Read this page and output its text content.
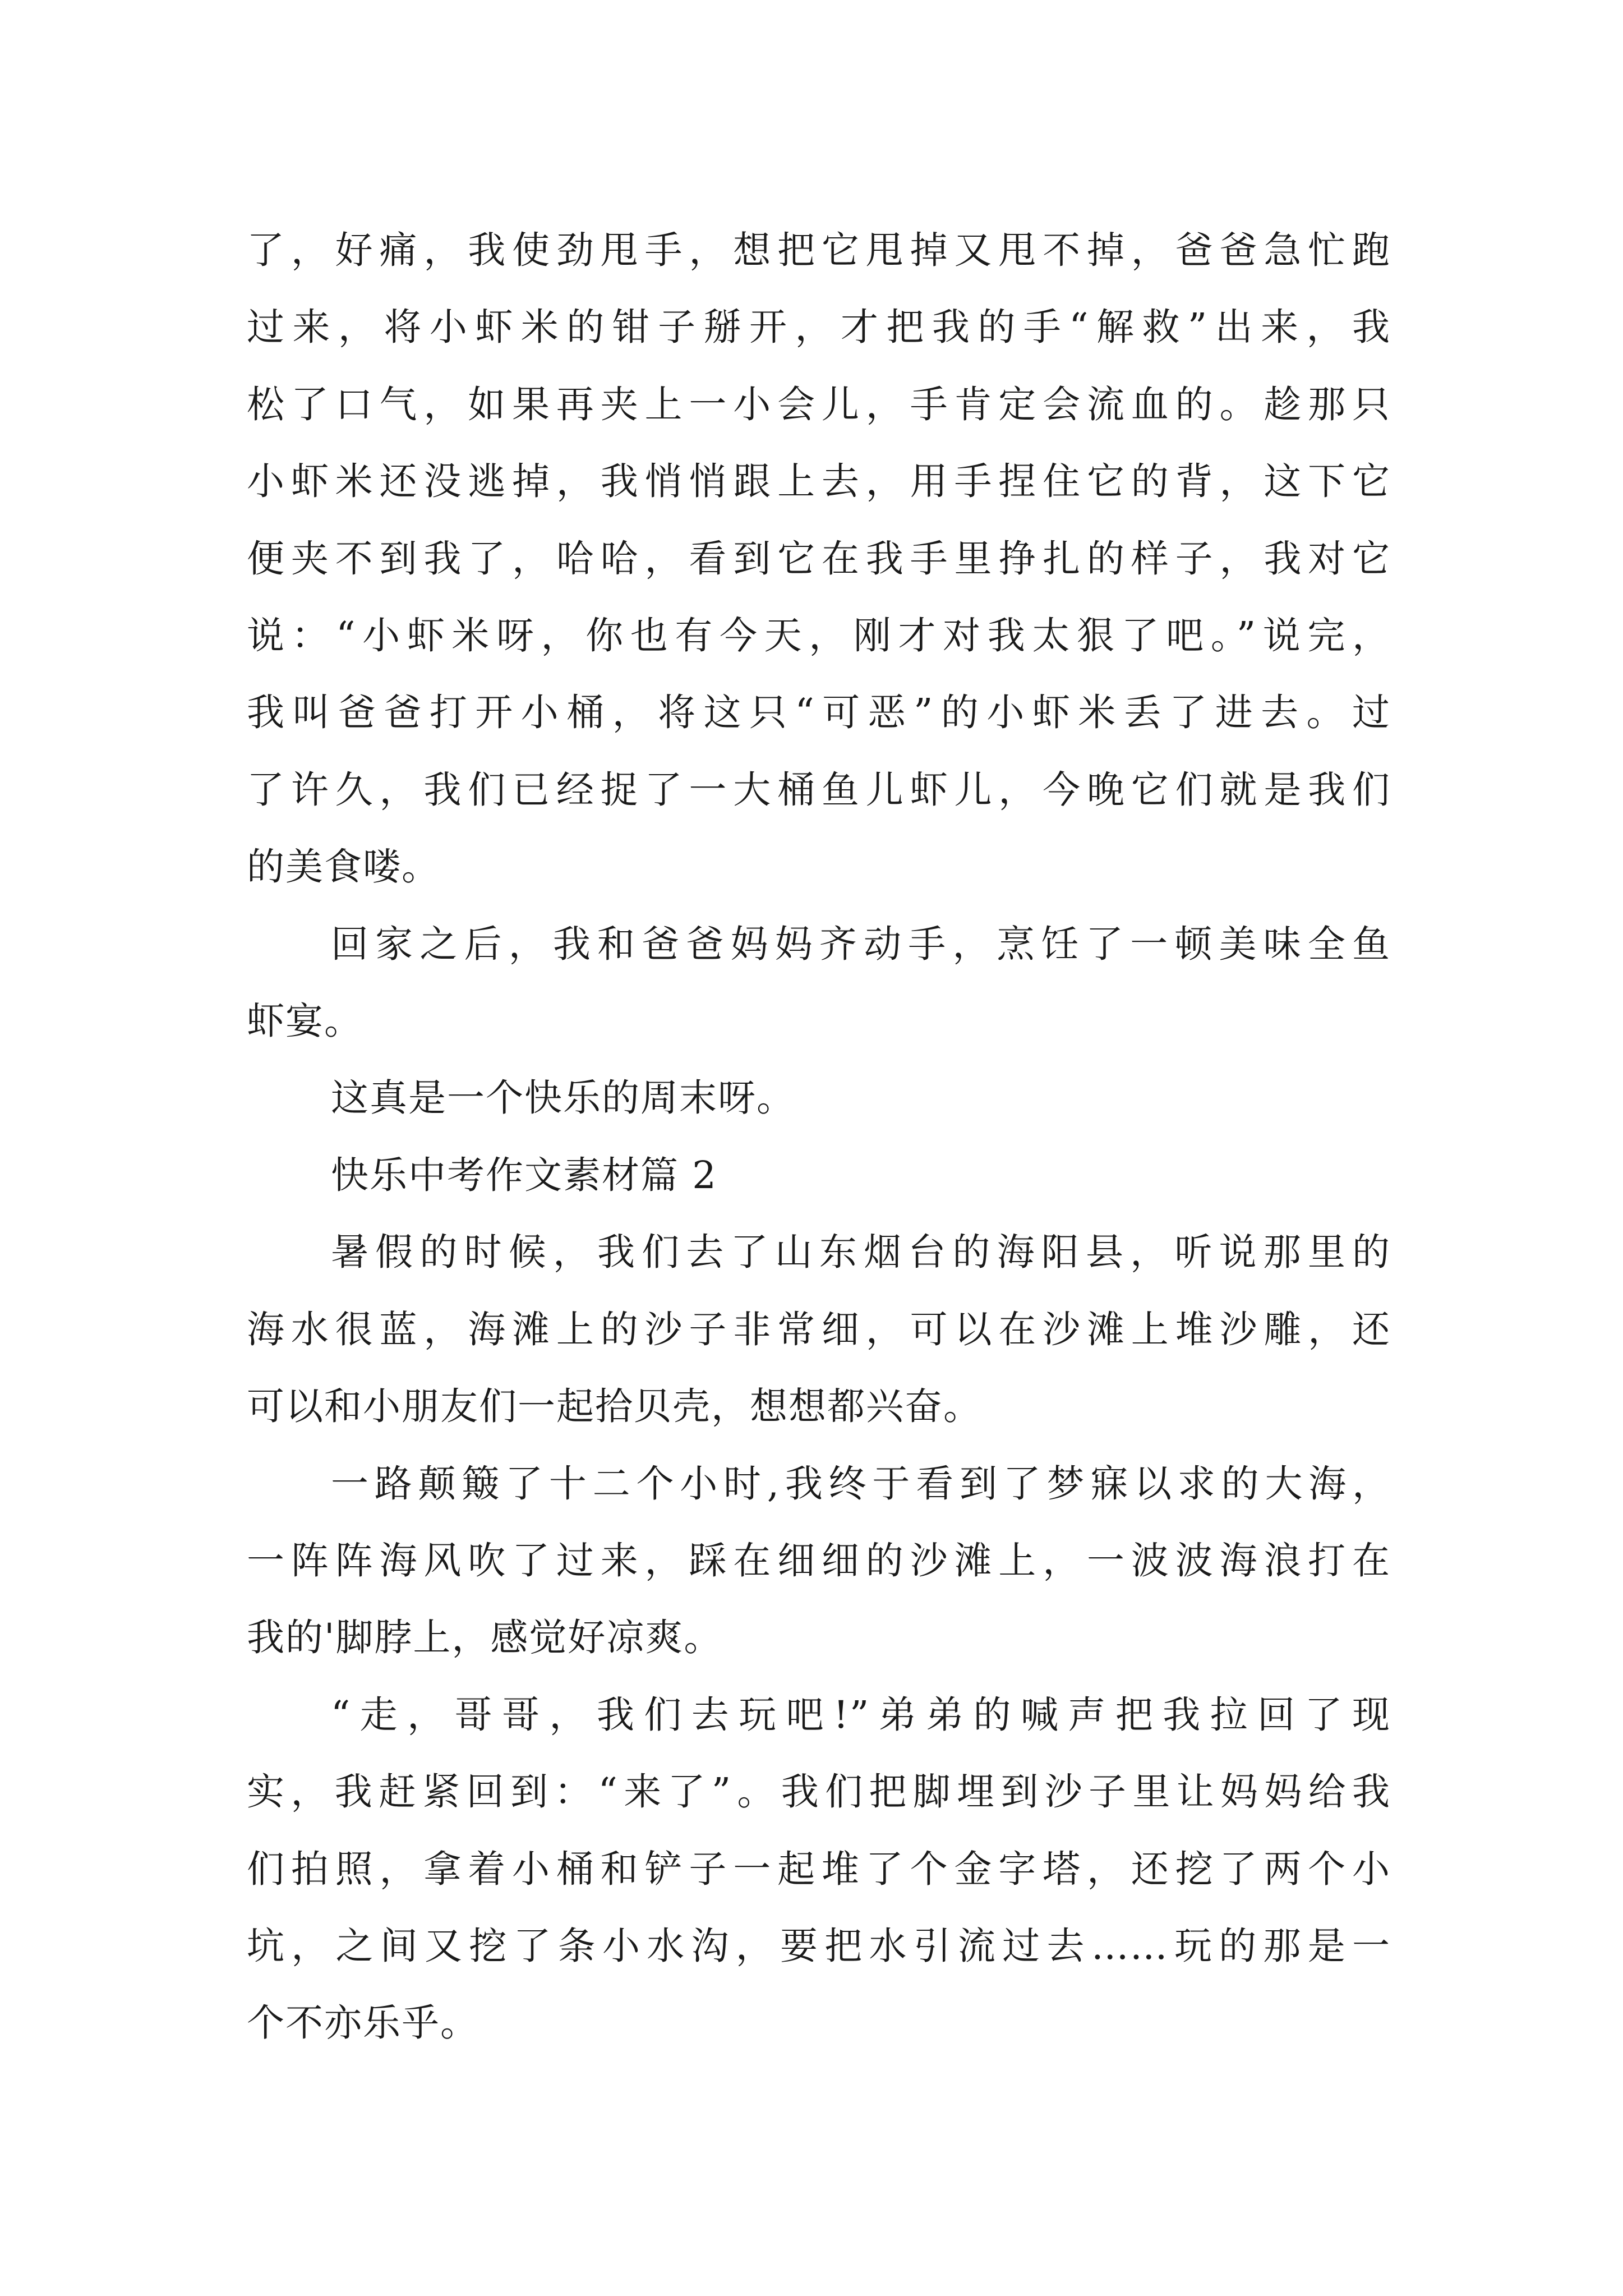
了，好痛，我使劲甩手，想把它甩掉又甩不掉，爸爸急忙跑
过来，将小虾米的钳子掰开，才把我的手“解救”出来，我
松了口气，如果再夹上一小会儿，手肯定会流血的。趁那只
小虾米还没逃掉，我悄悄跟上去，用手捏住它的背，这下它
便夹不到我了，哈哈，看到它在我手里挣扎的样子，我对它
说：“小虾米呀，你也有今天，刚才对我太狠了吧。”说完，
我叫爸爸打开小桶，将这只“可恶”的小虾米丢了进去。过
了许久，我们已经捉了一大桶鱼儿虾儿，今晚它们就是我们
的美食喽。
回家之后，我和爸爸妈妈齐动手，烹饪了一顿美味全鱼
虾宴。
这真是一个快乐的周末呀。
快乐中考作文素材篇 2
暑假的时候，我们去了山东烟台的海阳县，听说那里的
海水很蓝，海滩上的沙子非常细，可以在沙滩上堆沙雕，还
可以和小朋友们一起拾贝壳，想想都兴奋。
一路颠簸了十二个小时,我终于看到了梦寐以求的大海，
一阵阵海风吹了过来，踩在细细的沙滩上，一波波海浪打在
我的'脚脖上，感觉好凉爽。
“走，哥哥，我们去玩吧!”弟弟的喊声把我拉回了现
实，我赶紧回到：“来了”。我们把脚埋到沙子里让妈妈给我
们拍照，拿着小桶和铲子一起堆了个金字塔，还挖了两个小
坑，之间又挖了条小水沟，要把水引流过去……玩的那是一
个不亦乐乎。
